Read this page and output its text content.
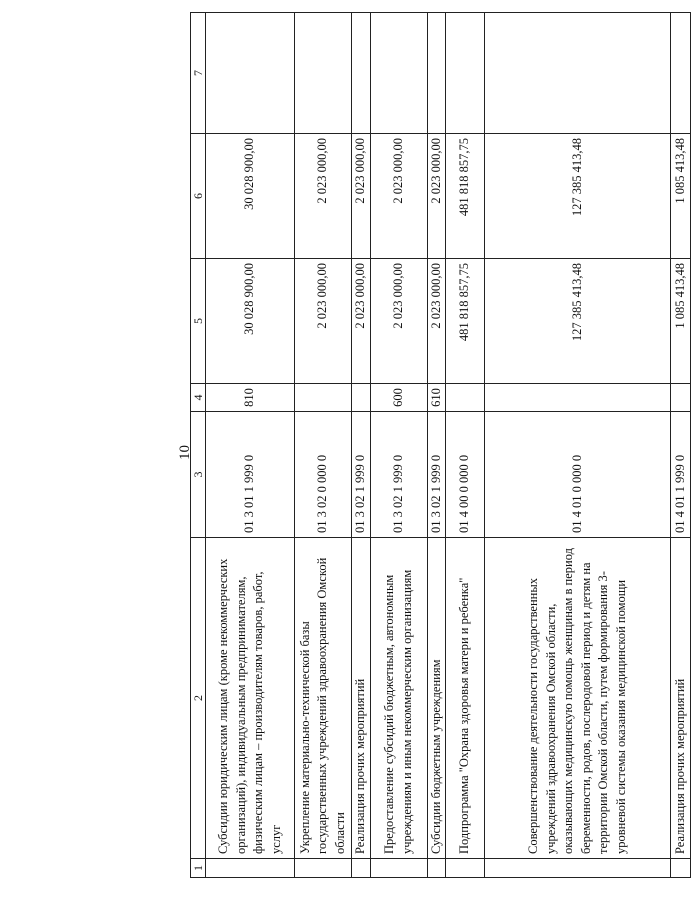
10
1	2	3	4	5	6	7
	Субсидии юридическим лицам (кроме некоммерческих организаций), индивидуальным предпринимателям, физическим лицам – производителям товаров, работ, услуг	01 3 01 1 999 0	810	30 028 900,00	30 028 900,00	
	Укрепление материально-технической базы государственных учреждений здравоохранения Омской области	01 3 02 0 000 0		2 023 000,00	2 023 000,00	
	Реализация прочих мероприятий	01 3 02 1 999 0		2 023 000,00	2 023 000,00	
	Предоставление субсидий бюджетным, автономным учреждениям и иным некоммерческим организациям	01 3 02 1 999 0	600	2 023 000,00	2 023 000,00	
	Субсидии бюджетным учреждениям	01 3 02 1 999 0	610	2 023 000,00	2 023 000,00	
	Подпрограмма "Охрана здоровья матери и ребенка"	01 4 00 0 000 0		481 818 857,75	481 818 857,75	
	Совершенствование деятельности государственных учреждений здравоохранения Омской области, оказывающих медицинскую помощь женщинам в период беременности, родов, послеродовой период и детям на территории Омской области, путем формирования 3-уровневой системы оказания медицинской помощи	01 4 01 0 000 0		127 385 413,48	127 385 413,48	
	Реализация прочих мероприятий	01 4 01 1 999 0		1 085 413,48	1 085 413,48	
